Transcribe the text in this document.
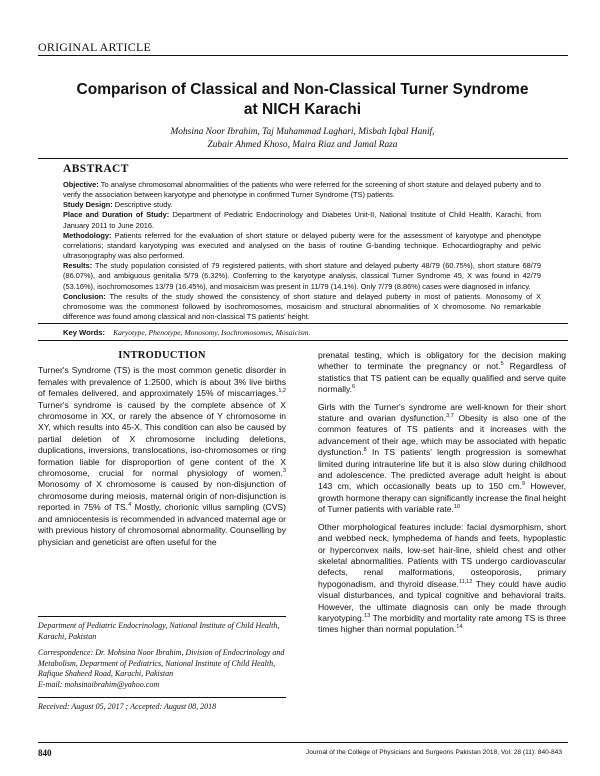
ORIGINAL ARTICLE
Comparison of Classical and Non-Classical Turner Syndrome
at NICH Karachi
Mohsina Noor Ibrahim, Taj Muhammad Laghari, Misbah Iqbal Hanif,
Zubair Ahmed Khoso, Maira Riaz and Jamal Raza
ABSTRACT

Objective: To analyse chromosomal abnormalities of the patients who were referred for the screening of short stature and delayed puberty and to verify the association between karyotype and phenotype in confirmed Turner Syndrome (TS) patients.

Study Design: Descriptive study.

Place and Duration of Study: Department of Pediatric Endocrinology and Diabetes Unit-II, National Institute of Child Health, Karachi, from January 2011 to June 2016.

Methodology: Patients referred for the evaluation of short stature or delayed puberty were for the assessment of karyotype and phenotype correlations; standard karyotyping was executed and analysed on the basis of routine G-banding technique. Echocardiography and pelvic ultrasonography was also performed.

Results: The study population consisted of 79 registered patients, with short stature and delayed puberty 48/79 (60.75%), short stature 68/79 (86.07%), and ambiguous genitalia 5/79 (6.32%). Conferring to the karyotype analysis, classical Turner Syndrome 45, X was found in 42/79 (53.16%), isochromosomes 13/79 (16.45%), and mosaicism was present in 11/79 (14.1%). Only 7/79 (8.86%) cases were diagnosed in infancy.

Conclusion: The results of the study showed the consistency of short stature and delayed puberty in most of patients. Monosomy of X chromosome was the commonest followed by isochromosomes, mosaicism and structural abnormalities of X chromosome. No remarkable difference was found among classical and non-classical TS patients' height.

Key Words: Karyotype, Phenotype, Monosomy, Isochromosomes, Mosaicism.
INTRODUCTION

Turner's Syndrome (TS) is the most common genetic disorder in females with prevalence of 1:2500, which is about 3% live births of females delivered, and approximately 15% of miscarriages.$^{1,2}$ Turner's syndrome is caused by the complete absence of X chromosome in XX, or rarely the absence of Y chromosome in XY, which results into 45-X. This condition can also be caused by partial deletion of X chromosome including deletions, duplications, inversions, translocations, iso-chromosomes or ring formation liable for disproportion of gene content of the X chromosome, crucial for normal physiology of women.$^3$ Monosomy of X chromosome is caused by non-disjunction of chromosome during meiosis, maternal origin of non-disjunction is reported in 75% of TS.$^4$ Mostly, chorionic villus sampling (CVS) and amniocentesis is recommended in advanced maternal age or with previous history of chromosomal abnormality. Counselling by physician and geneticist are often useful for the

Department of Pediatric Endocrinology, National Institute of Child Health, Karachi, Pakistan
Correspondence: Dr. Mohsina Noor Ibrahim, Division of Endocrinology and Metabolism, Department of Pediatrics, National Institute of Child Health, Rafique Shaheed Road, Karachi, Pakistan
E-mail: mohsinaibrahim@yahoo.com
Received: August 05, 2017 ; Accepted: August 08, 2018

prenatal testing, which is obligatory for the decision making whether to terminate the pregnancy or not.$^5$ Regardless of statistics that TS patient can be equally qualified and serve quite normally.$^6$

Girls with the Turner's syndrome are well-known for their short stature and ovarian dysfunction.$^{3,7}$ Obesity is also one of the common features of TS patients and it increases with the advancement of their age, which may be associated with hepatic dysfunction.$^8$ In TS patients' length progression is somewhat limited during intrauterine life but it is also slow during childhood and adolescence. The predicted average adult height is about 143 cm, which occasionally beats up to 150 cm.$^9$ However, growth hormone therapy can significantly increase the final height of Turner patients with variable rate.$^{10}$

Other morphological features include: facial dysmorphism, short and webbed neck, lymphedema of hands and feets, hypoplastic or hyperconvex nails, low-set hair-line, shield chest and other skeletal abnormalities. Patients with TS undergo cardiovascular defects, renal malformations, osteoporosis, primary hypogonadism, and thyroid disease.$^{11,12}$ They could have audio visual disturbances, and typical cognitive and behavioral traits. However, the ultimate diagnosis can only be made through karyotyping.$^{13}$ The morbidity and mortality rate among TS is three times higher than normal population.$^{14}$

840	Journal of the College of Physicians and Surgeons Pakistan 2018, Vol. 28 (11): 840-843
